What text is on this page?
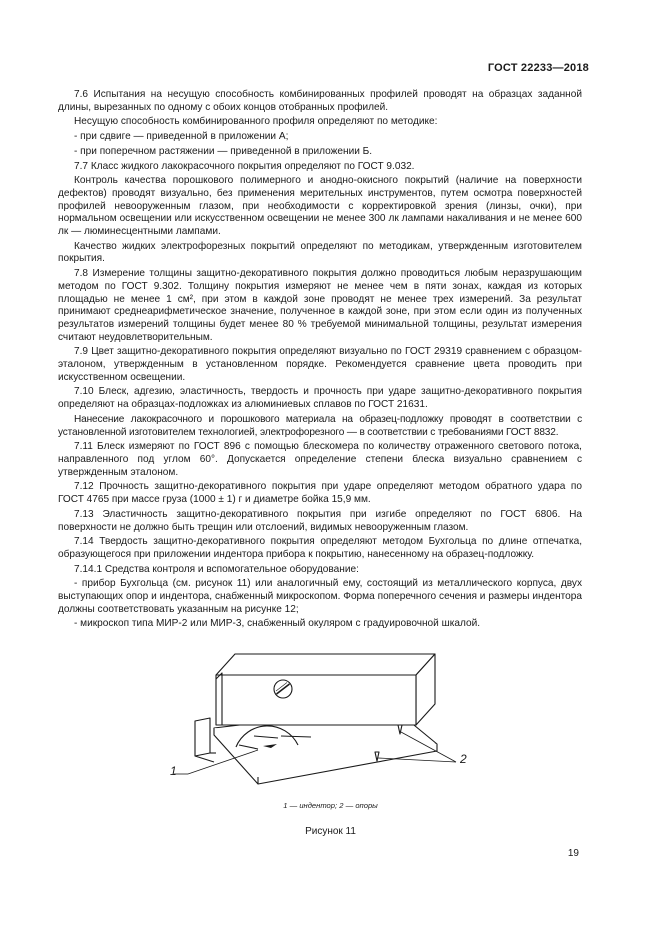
ГОСТ 22233—2018

7.6 Испытания на несущую способность комбинированных профилей проводят на образцах заданной длины, вырезанных по одному с обоих концов отобранных профилей.

Несущую способность комбинированного профиля определяют по методике:

- при сдвиге — приведенной в приложении А;

- при поперечном растяжении — приведенной в приложении Б.

7.7 Класс жидкого лакокрасочного покрытия определяют по ГОСТ 9.032.

Контроль качества порошкового полимерного и анодно-окисного покрытий (наличие на поверхности дефектов) проводят визуально, без применения мерительных инструментов, путем осмотра поверхностей профилей невооруженным глазом, при необходимости с корректировкой зрения (линзы, очки), при нормальном освещении или искусственном освещении не менее 300 лк лампами накаливания и не менее 600 лк — люминесцентными лампами.

Качество жидких электрофорезных покрытий определяют по методикам, утвержденным изготовителем покрытия.

7.8 Измерение толщины защитно-декоративного покрытия должно проводиться любым неразрушающим методом по ГОСТ 9.302. Толщину покрытия измеряют не менее чем в пяти зонах, каждая из которых площадью не менее 1 см², при этом в каждой зоне проводят не менее трех измерений. За результат принимают среднеарифметическое значение, полученное в каждой зоне, при этом если один из полученных результатов измерений толщины будет менее 80 % требуемой минимальной толщины, результат измерения считают неудовлетворительным.

7.9 Цвет защитно-декоративного покрытия определяют визуально по ГОСТ 29319 сравнением с образцом-эталоном, утвержденным в установленном порядке. Рекомендуется сравнение цвета проводить при искусственном освещении.

7.10 Блеск, адгезию, эластичность, твердость и прочность при ударе защитно-декоративного покрытия определяют на образцах-подложках из алюминиевых сплавов по ГОСТ 21631.

Нанесение лакокрасочного и порошкового материала на образец-подложку проводят в соответствии с установленной изготовителем технологией, электрофорезного — в соответствии с требованиями ГОСТ 8832.

7.11 Блеск измеряют по ГОСТ 896 с помощью блескомера по количеству отраженного светового потока, направленного под углом 60°. Допускается определение степени блеска визуально сравнением с утвержденным эталоном.

7.12 Прочность защитно-декоративного покрытия при ударе определяют методом обратного удара по ГОСТ 4765 при массе груза (1000 ± 1) г и диаметре бойка 15,9 мм.

7.13 Эластичность защитно-декоративного покрытия при изгибе определяют по ГОСТ 6806. На поверхности не должно быть трещин или отслоений, видимых невооруженным глазом.

7.14 Твердость защитно-декоративного покрытия определяют методом Бухгольца по длине отпечатка, образующегося при приложении индентора прибора к покрытию, нанесенному на образец-подложку.

7.14.1 Средства контроля и вспомогательное оборудование:

- прибор Бухгольца (см. рисунок 11) или аналогичный ему, состоящий из металлического корпуса, двух выступающих опор и индентора, снабженный микроскопом. Форма поперечного сечения и размеры индентора должны соответствовать указанным на рисунке 12;

- микроскоп типа МИР-2 или МИР-3, снабженный окуляром с градуировочной шкалой.

1
2
1 — индентор; 2 — опоры
Рисунок 11
19
